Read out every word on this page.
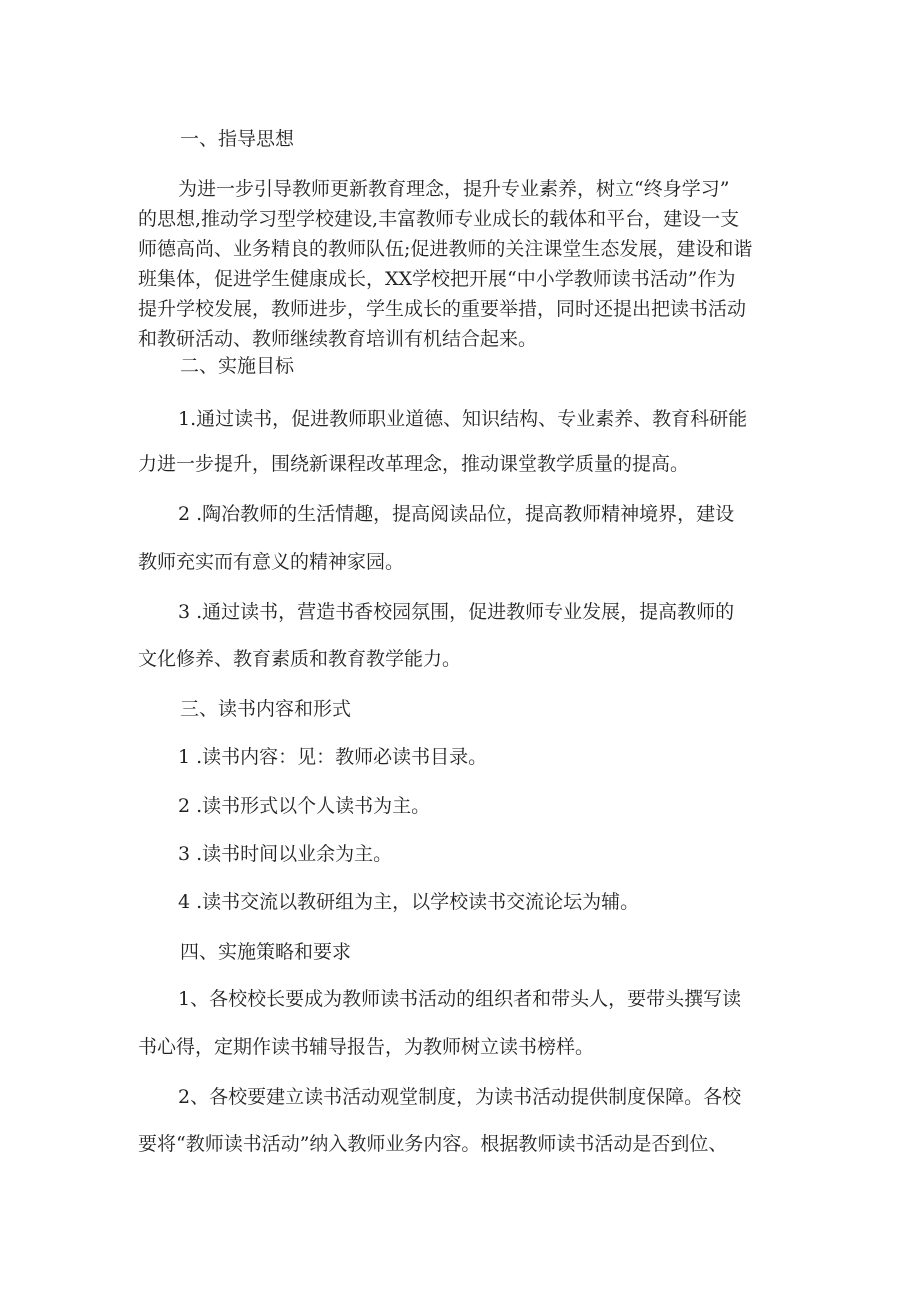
一、指导思想
为进一步引导教师更新教育理念，提升专业素养，树立“终身学习”
的思想,推动学习型学校建设,丰富教师专业成长的载体和平台，建设一支
师德高尚、业务精良的教师队伍;促进教师的关注课堂生态发展，建设和谐
班集体，促进学生健康成长，XX学校把开展“中小学教师读书活动”作为
提升学校发展，教师进步，学生成长的重要举措，同时还提出把读书活动
和教研活动、教师继续教育培训有机结合起来。
二、实施目标
1.通过读书，促进教师职业道德、知识结构、专业素养、教育科研能
力进一步提升，围绕新课程改革理念，推动课堂教学质量的提高。
2 .陶冶教师的生活情趣，提高阅读品位，提高教师精神境界，建设
教师充实而有意义的精神家园。
3 .通过读书，营造书香校园氛围，促进教师专业发展，提高教师的
文化修养、教育素质和教育教学能力。
三、读书内容和形式
1 .读书内容：见：教师必读书目录。
2 .读书形式以个人读书为主。
3 .读书时间以业余为主。
4 .读书交流以教研组为主，以学校读书交流论坛为辅。
四、实施策略和要求
1、各校校长要成为教师读书活动的组织者和带头人，要带头撰写读
书心得，定期作读书辅导报告，为教师树立读书榜样。
2、各校要建立读书活动观堂制度，为读书活动提供制度保障。各校
要将“教师读书活动”纳入教师业务内容。根据教师读书活动是否到位、
